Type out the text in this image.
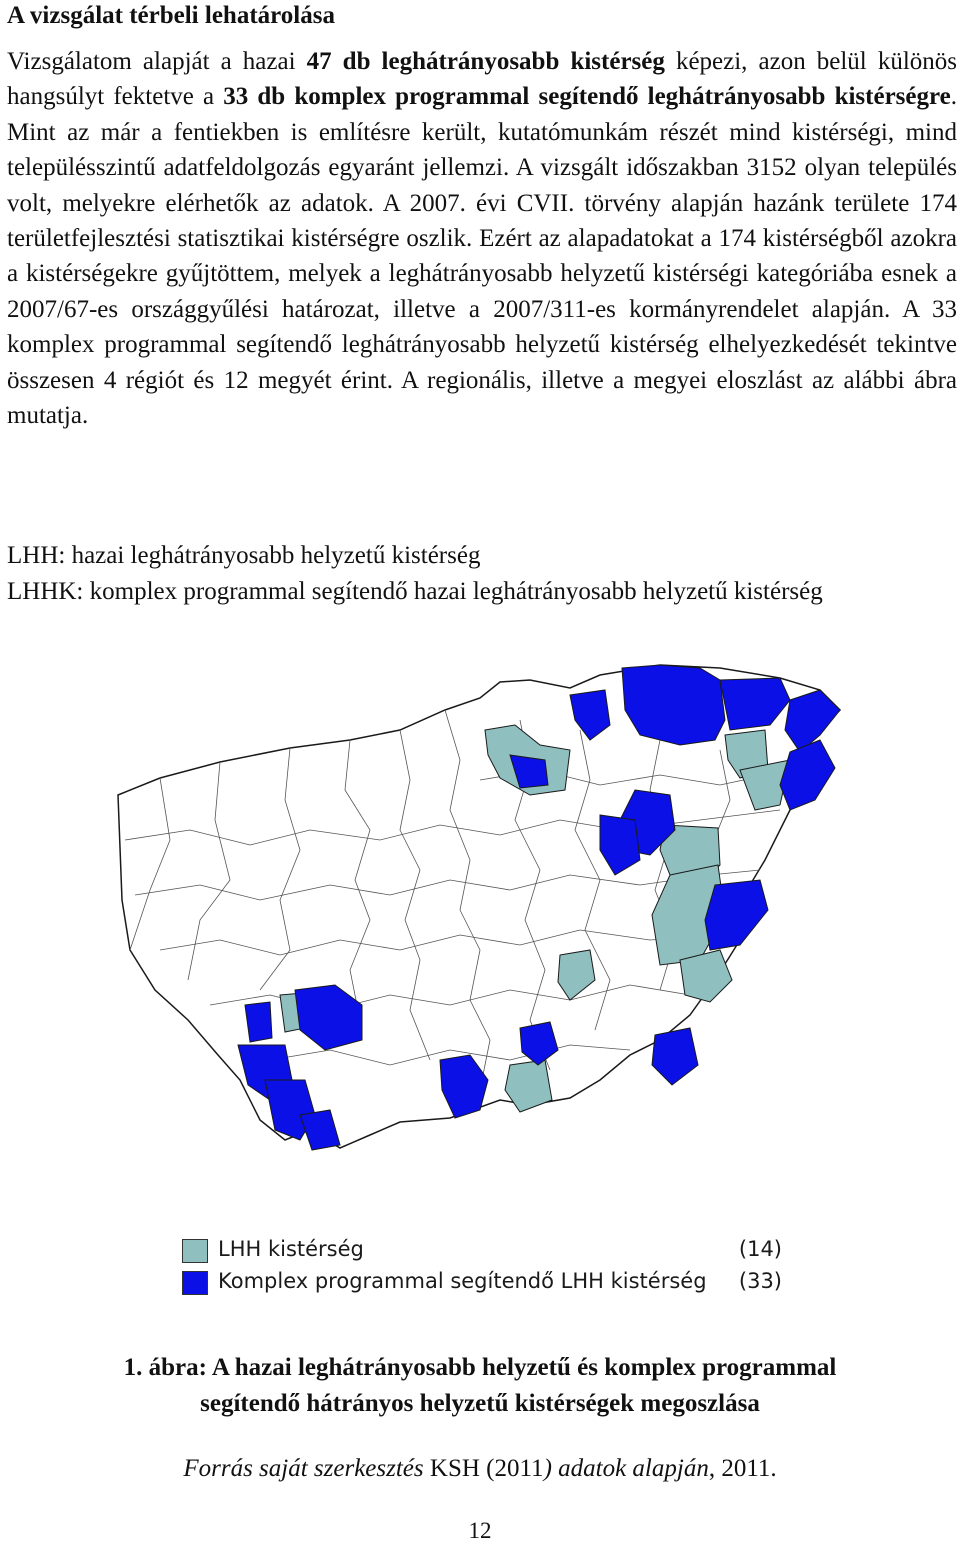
A vizsgálat térbeli lehatárolása
Vizsgálatom alapját a hazai 47 db leghátrányosabb kistérség képezi, azon belül különös hangsúlyt fektetve a 33 db komplex programmal segítendő leghátrányosabb kistérségre. Mint az már a fentiekben is említésre került, kutatómunkám részét mind kistérségi, mind településszintű adatfeldolgozás egyaránt jellemzi. A vizsgált időszakban 3152 olyan település volt, melyekre elérhetők az adatok. A 2007. évi CVII. törvény alapján hazánk területe 174 területfejlesztési statisztikai kistérségre oszlik. Ezért az alapadatokat a 174 kistérségből azokra a kistérségekre gyűjtöttem, melyek a leghátrányosabb helyzetű kistérségi kategóriába esnek a 2007/67-es országgyűlési határozat, illetve a 2007/311-es kormányrendelet alapján. A 33 komplex programmal segítendő leghátrányosabb helyzetű kistérség elhelyezkedését tekintve összesen 4 régiót és 12 megyét érint. A regionális, illetve a megyei eloszlást az alábbi ábra mutatja.

LHH: hazai leghátrányosabb helyzetű kistérség

LHHK: komplex programmal segítendő hazai leghátrányosabb helyzetű kistérség

LHH kistérség	(14)
Komplex programmal segítendő LHH kistérség (33)
1. ábra: A hazai leghátrányosabb helyzetű és komplex programmal
segítendő hátrányos helyzetű kistérségek megoszlása
Forrás saját szerkesztés KSH (2011) adatok alapján, 2011.
12
